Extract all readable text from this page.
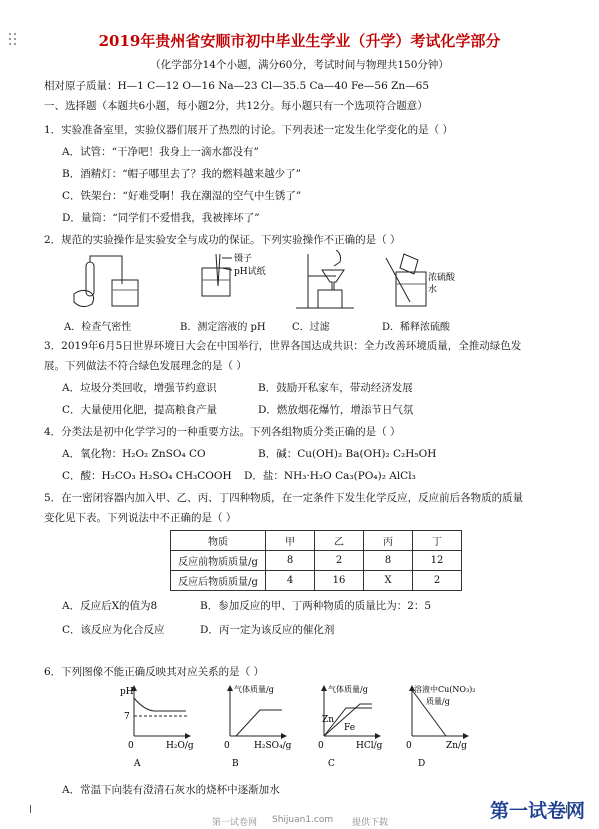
2019年贵州省安顺市初中毕业生学业（升学）考试化学部分
（化学部分14个小题，满分60分，考试时间与物理共150分钟）
相对原子质量：H—1 C—12 O—16 Na—23 Cl—35.5 Ca—40 Fe—56 Zn—65
一、选择题（本题共6小题，每小题2分，共12分。每小题只有一个选项符合题意）
1．实验准备室里，实验仪器们展开了热烈的讨论。下列表述一定发生化学变化的是（ ）
A．试管：“干净吧！我身上一滴水都没有”
B．酒精灯：“帽子哪里去了？我的燃料越来越少了”
C．铁架台：“好难受啊！我在潮湿的空气中生锈了”
D．量筒：“同学们不爱惜我，我被摔坏了”
2．规范的实验操作是实验安全与成功的保证。下列实验操作不正确的是（ ）
镊子
pH试纸
浓硫酸
水
A．检查气密性	B．测定溶液的 pH	C．过滤	D．稀释浓硫酸
3．2019年6月5日世界环境日大会在中国举行，世界各国达成共识：全力改善环境质量，全推动绿色发
展。下列做法不符合绿色发展理念的是（ ）
A．垃圾分类回收，增强节约意识	B．鼓励开私家车，带动经济发展
C．大量使用化肥，提高粮食产量	D．燃放烟花爆竹，增添节日气氛
4．分类法是初中化学学习的一种重要方法。下列各组物质分类正确的是（ ）
A．氧化物：H₂O₂ ZnSO₄ CO	B．碱：Cu(OH)₂ Ba(OH)₂ C₂H₅OH
C．酸：H₂CO₃ H₂SO₄ CH₃COOH D．盐：NH₃·H₂O Ca₃(PO₄)₂ AlCl₃
5．在一密闭容器内加入甲、乙、丙、丁四种物质，在一定条件下发生化学反应，反应前后各物质的质量
变化见下表。下列说法中不正确的是（ ）
物质	甲	乙	丙	丁
反应前物质质量/g	8	2	8	12
反应后物质质量/g	4	16	X	2
A．反应后X的值为8	B．参加反应的甲、丁两种物质的质量比为：2：5
C．该反应为化合反应	D．丙一定为该反应的催化剂
6．下列图像不能正确反映其对应关系的是（ ）
pH
7
0	H₂O/g
气体质量/g
0	H₂SO₄/g
气体质量/g
Zn
Fe
0	HCl/g
溶液中Cu(NO₃)₂
质量/g
0	Zn/g
A	B	C	D
A．常温下向装有澄清石灰水的烧杯中逐渐加水
第一试卷网 Shijuan1.com 提供下载
第一试卷网
